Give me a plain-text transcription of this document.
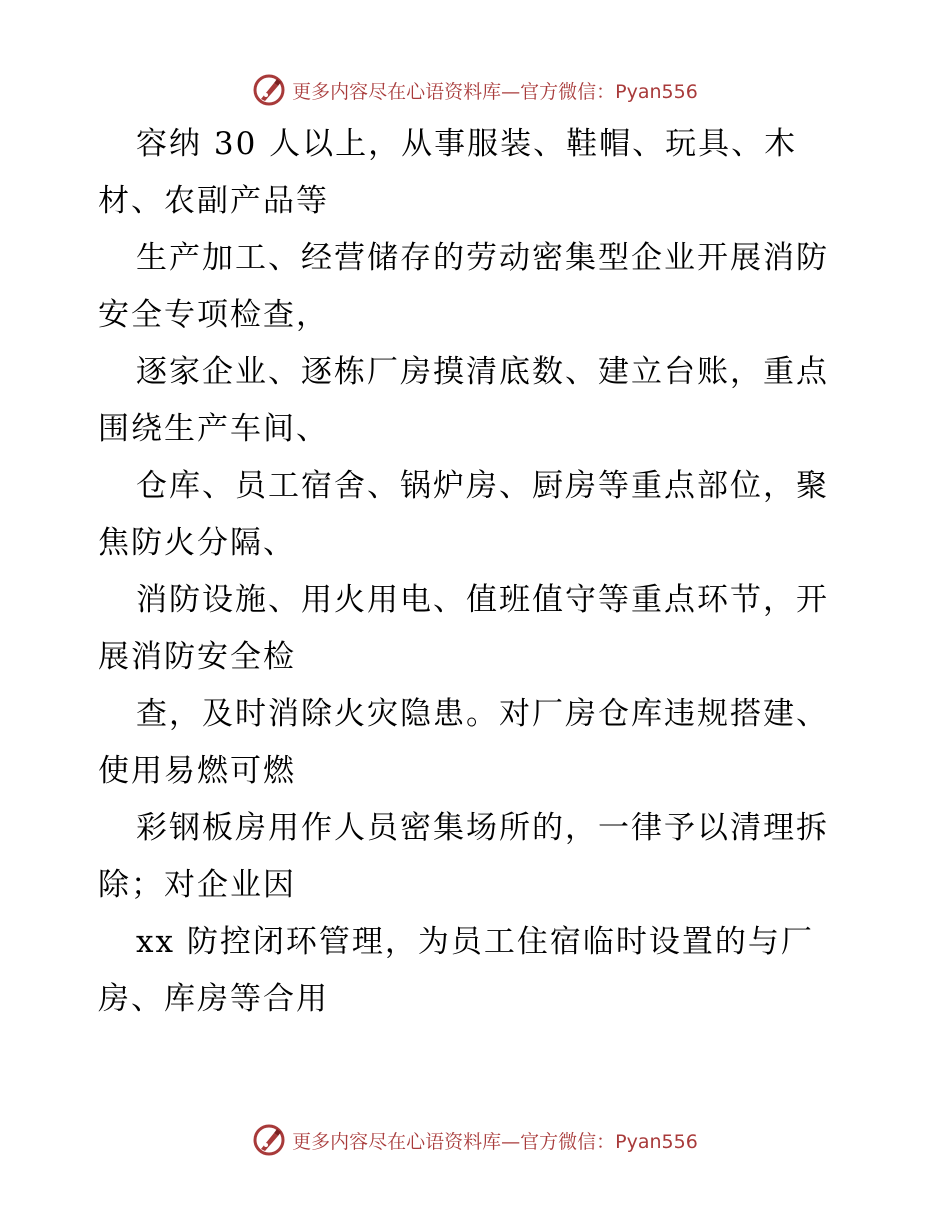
更多内容尽在心语资料库—官方微信：Pyan556

容纳 30 人以上，从事服装、鞋帽、玩具、木
材、农副产品等

生产加工、经营储存的劳动密集型企业开展消防
安全专项检查，

逐家企业、逐栋厂房摸清底数、建立台账，重点
围绕生产车间、

仓库、员工宿舍、锅炉房、厨房等重点部位，聚
焦防火分隔、

消防设施、用火用电、值班值守等重点环节，开
展消防安全检

查，及时消除火灾隐患。对厂房仓库违规搭建、
使用易燃可燃

彩钢板房用作人员密集场所的，一律予以清理拆
除；对企业因

xx 防控闭环管理，为员工住宿临时设置的与厂
房、库房等合用

更多内容尽在心语资料库—官方微信：Pyan556
